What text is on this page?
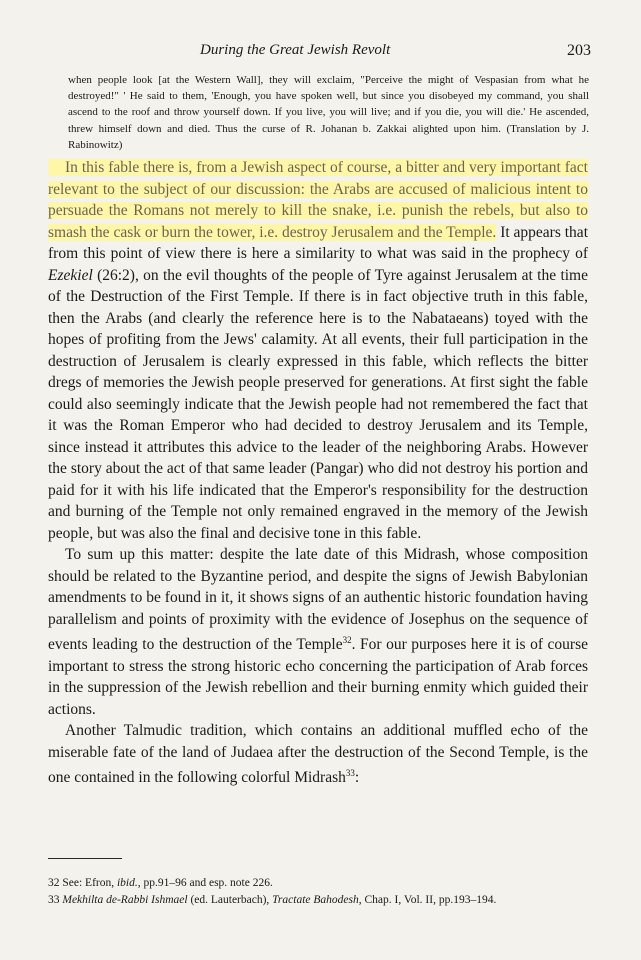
During the Great Jewish Revolt	203

when people look [at the Western Wall], they will exclaim, "Perceive the might of Vespasian from what he destroyed!" ' He said to them, 'Enough, you have spoken well, but since you disobeyed my command, you shall ascend to the roof and throw yourself down. If you live, you will live; and if you die, you will die.' He ascended, threw himself down and died. Thus the curse of R. Johanan b. Zakkai alighted upon him. (Translation by J. Rabinowitz)

In this fable there is, from a Jewish aspect of course, a bitter and very important fact relevant to the subject of our discussion: the Arabs are accused of malicious intent to persuade the Romans not merely to kill the snake, i.e. punish the rebels, but also to smash the cask or burn the tower, i.e. destroy Jerusalem and the Temple. It appears that from this point of view there is here a similarity to what was said in the prophecy of Ezekiel (26:2), on the evil thoughts of the people of Tyre against Jerusalem at the time of the Destruction of the First Temple. If there is in fact objective truth in this fable, then the Arabs (and clearly the reference here is to the Nabataeans) toyed with the hopes of profiting from the Jews' calamity. At all events, their full participation in the destruction of Jerusalem is clearly expressed in this fable, which reflects the bitter dregs of memories the Jewish people preserved for generations. At first sight the fable could also seemingly indicate that the Jewish people had not remembered the fact that it was the Roman Emperor who had decided to destroy Jerusalem and its Temple, since instead it attributes this advice to the leader of the neighboring Arabs. However the story about the act of that same leader (Pangar) who did not destroy his portion and paid for it with his life indicated that the Emperor's responsibility for the destruction and burning of the Temple not only remained engraved in the memory of the Jewish people, but was also the final and decisive tone in this fable.

To sum up this matter: despite the late date of this Midrash, whose composition should be related to the Byzantine period, and despite the signs of Jewish Babylonian amendments to be found in it, it shows signs of an authentic historic foundation having parallelism and points of proximity with the evidence of Josephus on the sequence of events leading to the destruction of the Temple$^{32}$. For our purposes here it is of course important to stress the strong historic echo concerning the participation of Arab forces in the suppression of the Jewish rebellion and their burning enmity which guided their actions.

Another Talmudic tradition, which contains an additional muffled echo of the miserable fate of the land of Judaea after the destruction of the Second Temple, is the one contained in the following colorful Midrash$^{33}$:

32 See: Efron, ibid., pp.91–96 and esp. note 226.
33 Mekhilta de-Rabbi Ishmael (ed. Lauterbach), Tractate Bahodesh, Chap. I, Vol. II, pp.193–194.
